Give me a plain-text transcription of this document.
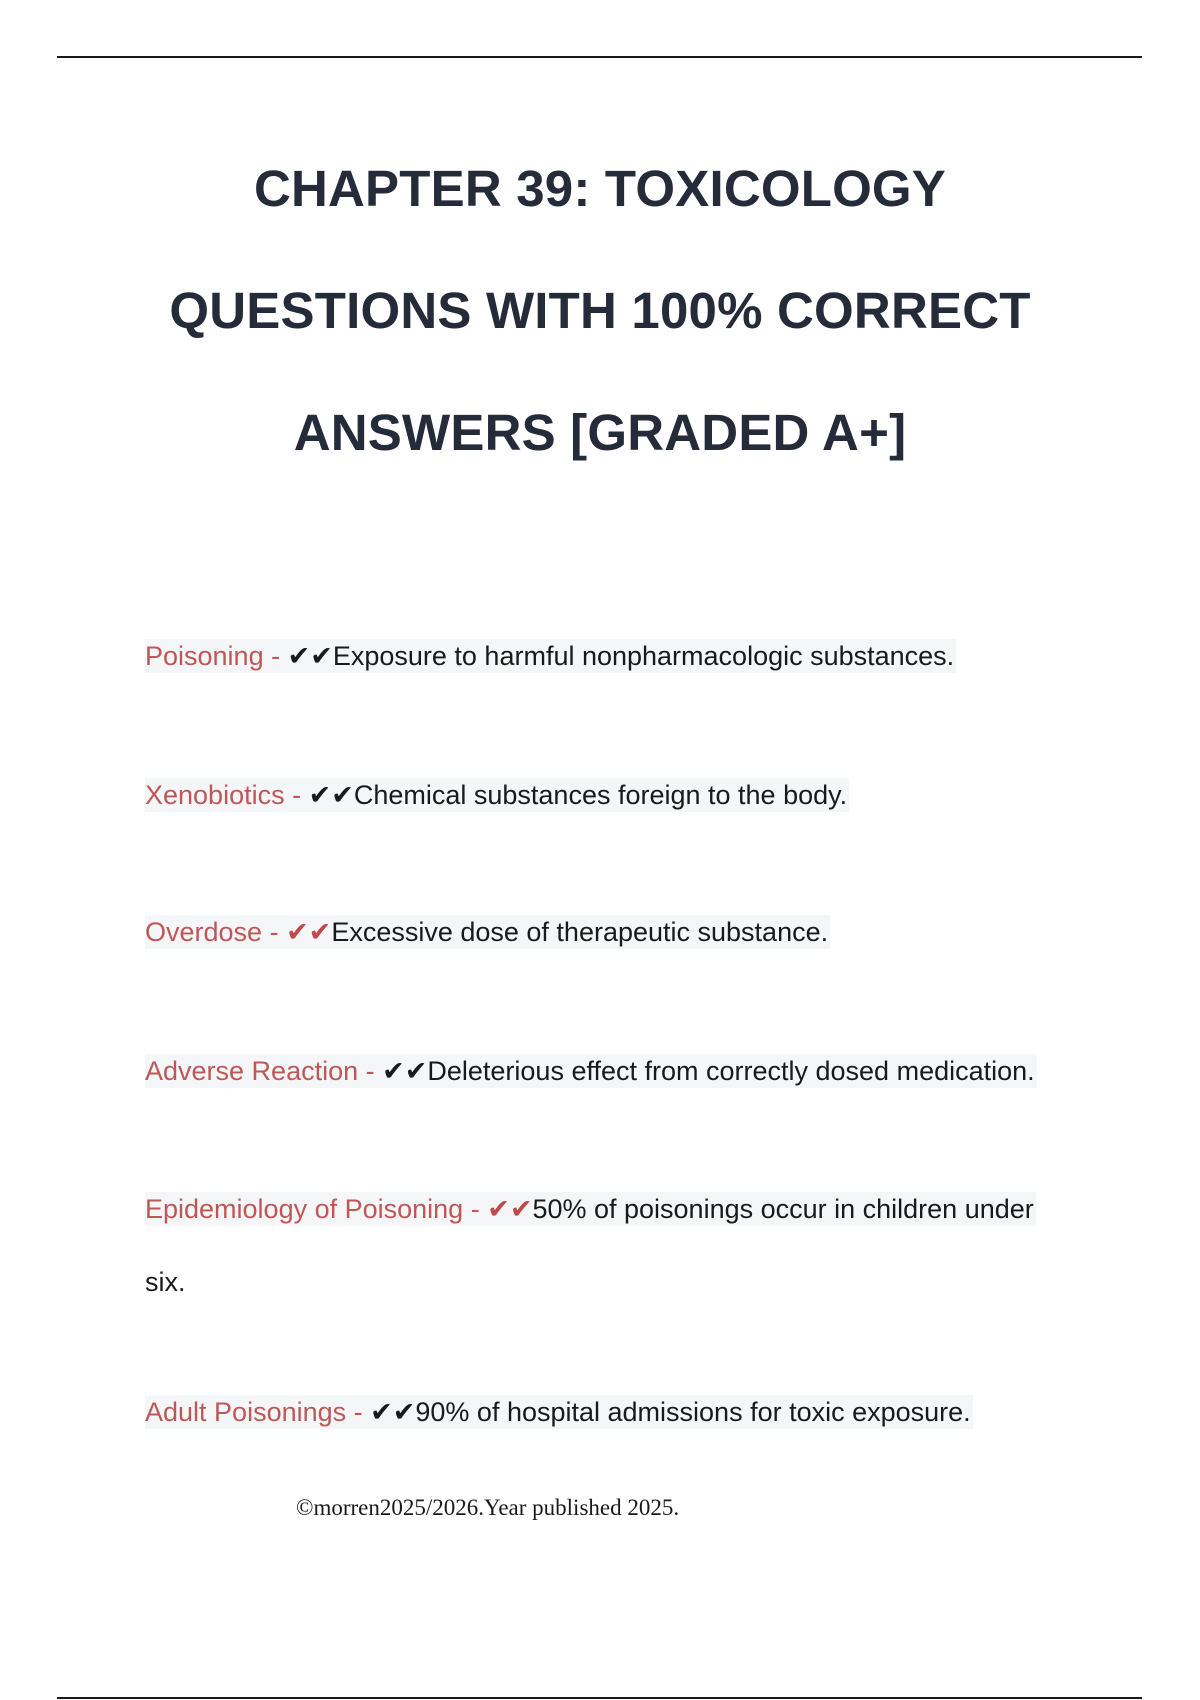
CHAPTER 39: TOXICOLOGY
QUESTIONS WITH 100% CORRECT
ANSWERS [GRADED A+]
Poisoning - ✔✔Exposure to harmful nonpharmacologic substances.
Xenobiotics - ✔✔Chemical substances foreign to the body.
Overdose - ✔✔Excessive dose of therapeutic substance.
Adverse Reaction - ✔✔Deleterious effect from correctly dosed medication.
Epidemiology of Poisoning - ✔✔50% of poisonings occur in children under
six.
Adult Poisonings - ✔✔90% of hospital admissions for toxic exposure.
©morren2025/2026.Year published 2025.
